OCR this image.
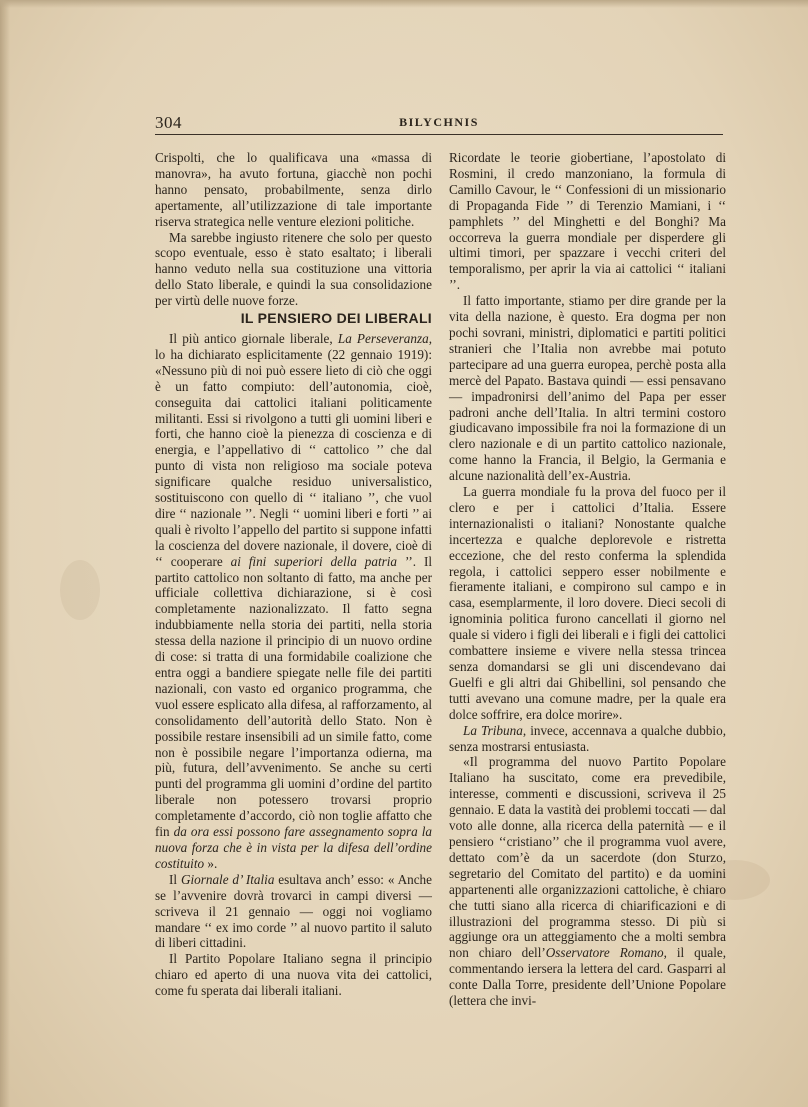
304	BILYCHNIS

Crispolti, che lo qualificava una «massa di manovra», ha avuto fortuna, giacchè non pochi hanno pensato, probabilmente, senza dirlo apertamente, all’utilizzazione di tale importante riserva strategica nelle venture elezioni politiche.

Ma sarebbe ingiusto ritenere che solo per questo scopo eventuale, esso è stato esaltato; i liberali hanno veduto nella sua costituzione una vittoria dello Stato liberale, e quindi la sua consolidazione per virtù delle nuove forze.

IL PENSIERO DEI LIBERALI

Il più antico giornale liberale, La Perseveranza, lo ha dichiarato esplicitamente (22 gennaio 1919): «Nessuno più di noi può essere lieto di ciò che oggi è un fatto compiuto: dell’autonomia, cioè, conseguita dai cattolici italiani politicamente militanti. Essi si rivolgono a tutti gli uomini liberi e forti, che hanno cioè la pienezza di coscienza e di energia, e l’appellativo di ‘‘ cattolico ’’ che dal punto di vista non religioso ma sociale poteva significare qualche residuo universalistico, sostituiscono con quello di ‘‘ italiano ’’, che vuol dire ‘‘ nazionale ’’. Negli ‘‘ uomini liberi e forti ’’ ai quali è rivolto l’appello del partito si suppone infatti la coscienza del dovere nazionale, il dovere, cioè di ‘‘ cooperare ai fini superiori della patria ’’. Il partito cattolico non soltanto di fatto, ma anche per ufficiale collettiva dichiarazione, si è così completamente nazionalizzato. Il fatto segna indubbiamente nella storia dei partiti, nella storia stessa della nazione il principio di un nuovo ordine di cose: si tratta di una formidabile coalizione che entra oggi a bandiere spiegate nelle file dei partiti nazionali, con vasto ed organico programma, che vuol essere esplicato alla difesa, al rafforzamento, al consolidamento dell’autorità dello Stato. Non è possibile restare insensibili ad un simile fatto, come non è possibile negare l’importanza odierna, ma più, futura, dell’avvenimento. Se anche su certi punti del programma gli uomini d’ordine del partito liberale non potessero trovarsi proprio completamente d’accordo, ciò non toglie affatto che fin da ora essi possono fare assegnamento sopra la nuova forza che è in vista per la difesa dell’ordine costituito ».

Il Giornale d’ Italia esultava anch’ esso: « Anche se l’avvenire dovrà trovarci in campi diversi — scriveva il 21 gennaio — oggi noi vogliamo mandare ‘‘ ex imo corde ’’ al nuovo partito il saluto di liberi cittadini.

Il Partito Popolare Italiano segna il principio chiaro ed aperto di una nuova vita dei cattolici, come fu sperata dai liberali italiani.

Ricordate le teorie giobertiane, l’apostolato di Rosmini, il credo manzoniano, la formula di Camillo Cavour, le ‘‘ Confessioni di un missionario di Propaganda Fide ’’ di Terenzio Mamiani, i ‘‘ pamphlets ’’ del Minghetti e del Bonghi? Ma occorreva la guerra mondiale per disperdere gli ultimi timori, per spazzare i vecchi criteri del temporalismo, per aprir la via ai cattolici ‘‘ italiani ’’.

Il fatto importante, stiamo per dire grande per la vita della nazione, è questo. Era dogma per non pochi sovrani, ministri, diplomatici e partiti politici stranieri che l’Italia non avrebbe mai potuto partecipare ad una guerra europea, perchè posta alla mercè del Papato. Bastava quindi — essi pensavano — impadronirsi dell’animo del Papa per esser padroni anche dell’Italia. In altri termini costoro giudicavano impossibile fra noi la formazione di un clero nazionale e di un partito cattolico nazionale, come hanno la Francia, il Belgio, la Germania e alcune nazionalità dell’ex-Austria.

La guerra mondiale fu la prova del fuoco per il clero e per i cattolici d’Italia. Essere internazionalisti o italiani? Nonostante qualche incertezza e qualche deplorevole e ristretta eccezione, che del resto conferma la splendida regola, i cattolici seppero esser nobilmente e fieramente italiani, e compirono sul campo e in casa, esemplarmente, il loro dovere. Dieci secoli di ignominia politica furono cancellati il giorno nel quale si videro i figli dei liberali e i figli dei cattolici combattere insieme e vivere nella stessa trincea senza domandarsi se gli uni discendevano dai Guelfi e gli altri dai Ghibellini, sol pensando che tutti avevano una comune madre, per la quale era dolce soffrire, era dolce morire».

La Tribuna, invece, accennava a qualche dubbio, senza mostrarsi entusiasta.

«Il programma del nuovo Partito Popolare Italiano ha suscitato, come era prevedibile, interesse, commenti e discussioni, scriveva il 25 gennaio. E data la vastità dei problemi toccati — dal voto alle donne, alla ricerca della paternità — e il pensiero ‘‘cristiano’’ che il programma vuol avere, dettato com’è da un sacerdote (don Sturzo, segretario del Comitato del partito) e da uomini appartenenti alle organizzazioni cattoliche, è chiaro che tutti siano alla ricerca di chiarificazioni e di illustrazioni del programma stesso. Di più si aggiunge ora un atteggiamento che a molti sembra non chiaro dell’Osservatore Romano, il quale, commentando iersera la lettera del card. Gasparri al conte Dalla Torre, presidente dell’Unione Popolare (lettera che invi-
